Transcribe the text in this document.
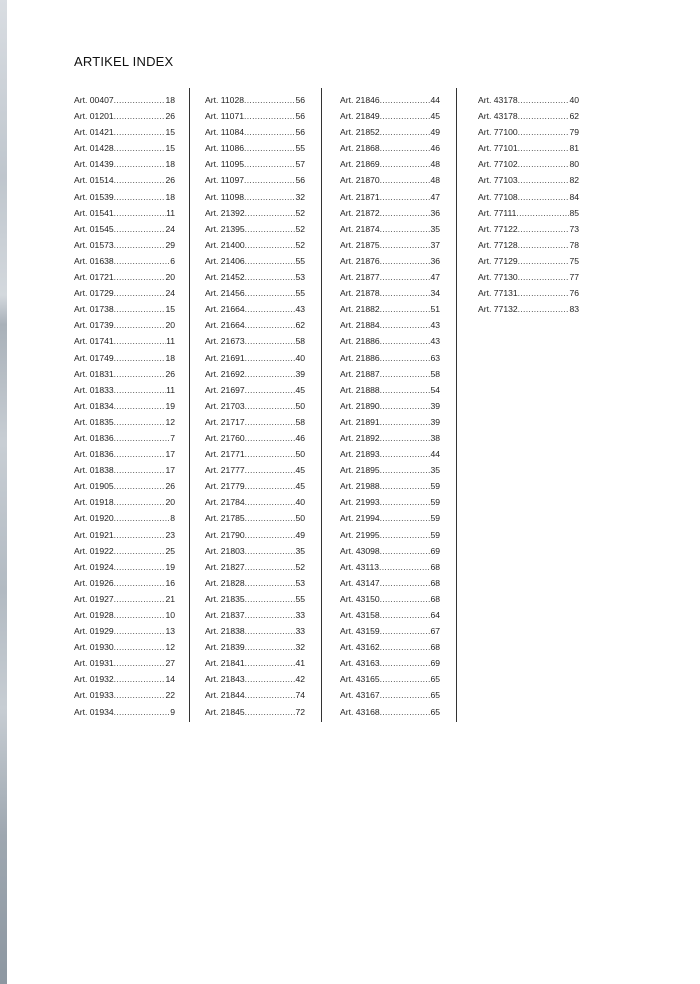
ARTIKEL INDEX
Art. 00407 .....	18
Art. 01201 .....	26
Art. 01421 .....	15
Art. 01428 .....	15
Art. 01439 .....	18
Art. 01514 .....	26
Art. 01539 .....	18
Art. 01541 .....	11
Art. 01545 .....	24
Art. 01573 .....	29
Art. 01638 .....	6
Art. 01721 .....	20
Art. 01729 .....	24
Art. 01738 .....	15
Art. 01739 .....	20
Art. 01741 .....	11
Art. 01749 .....	18
Art. 01831 .....	26
Art. 01833 .....	11
Art. 01834 .....	19
Art. 01835 .....	12
Art. 01836 .....	7
Art. 01836 .....	17
Art. 01838 .....	17
Art. 01905 .....	26
Art. 01918 .....	20
Art. 01920 .....	8
Art. 01921 .....	23
Art. 01922 .....	25
Art. 01924 .....	19
Art. 01926 .....	16
Art. 01927 .....	21
Art. 01928 .....	10
Art. 01929 .....	13
Art. 01930 .....	12
Art. 01931 .....	27
Art. 01932 .....	14
Art. 01933 .....	22
Art. 01934 .....	9
Art. 11028 .....	56
Art. 11071 .....	56
Art. 11084 .....	56
Art. 11086 .....	55
Art. 11095 .....	57
Art. 11097 .....	56
Art. 11098 .....	32
Art. 21392 .....	52
Art. 21395 .....	52
Art. 21400 .....	52
Art. 21406 .....	55
Art. 21452 .....	53
Art. 21456 .....	55
Art. 21664 .....	43
Art. 21664 .....	62
Art. 21673 .....	58
Art. 21691 .....	40
Art. 21692 .....	39
Art. 21697 .....	45
Art. 21703 .....	50
Art. 21717 .....	58
Art. 21760 .....	46
Art. 21771 .....	50
Art. 21777 .....	45
Art. 21779 .....	45
Art. 21784 .....	40
Art. 21785 .....	50
Art. 21790 .....	49
Art. 21803 .....	35
Art. 21827 .....	52
Art. 21828 .....	53
Art. 21835 .....	55
Art. 21837 .....	33
Art. 21838 .....	33
Art. 21839 .....	32
Art. 21841 .....	41
Art. 21843 .....	42
Art. 21844 .....	74
Art. 21845 .....	72
Art. 21846 .....	44
Art. 21849 .....	45
Art. 21852 .....	49
Art. 21868 .....	46
Art. 21869 .....	48
Art. 21870 .....	48
Art. 21871 .....	47
Art. 21872 .....	36
Art. 21874 .....	35
Art. 21875 .....	37
Art. 21876 .....	36
Art. 21877 .....	47
Art. 21878 .....	34
Art. 21882 .....	51
Art. 21884 .....	43
Art. 21886 .....	43
Art. 21886 .....	63
Art. 21887 .....	58
Art. 21888 .....	54
Art. 21890 .....	39
Art. 21891 .....	39
Art. 21892 .....	38
Art. 21893 .....	44
Art. 21895 .....	35
Art. 21988 .....	59
Art. 21993 .....	59
Art. 21994 .....	59
Art. 21995 .....	59
Art. 43098 .....	69
Art. 43113 .....	68
Art. 43147 .....	68
Art. 43150 .....	68
Art. 43158 .....	64
Art. 43159 .....	67
Art. 43162 .....	68
Art. 43163 .....	69
Art. 43165 .....	65
Art. 43167 .....	65
Art. 43168 .....	65
Art. 43178 .....	40
Art. 43178 .....	62
Art. 77100 .....	79
Art. 77101 .....	81
Art. 77102 .....	80
Art. 77103 .....	82
Art. 77108 .....	84
Art. 77111 .....	85
Art. 77122 .....	73
Art. 77128 .....	78
Art. 77129 .....	75
Art. 77130 .....	77
Art. 77131 .....	76
Art. 77132 .....	83
